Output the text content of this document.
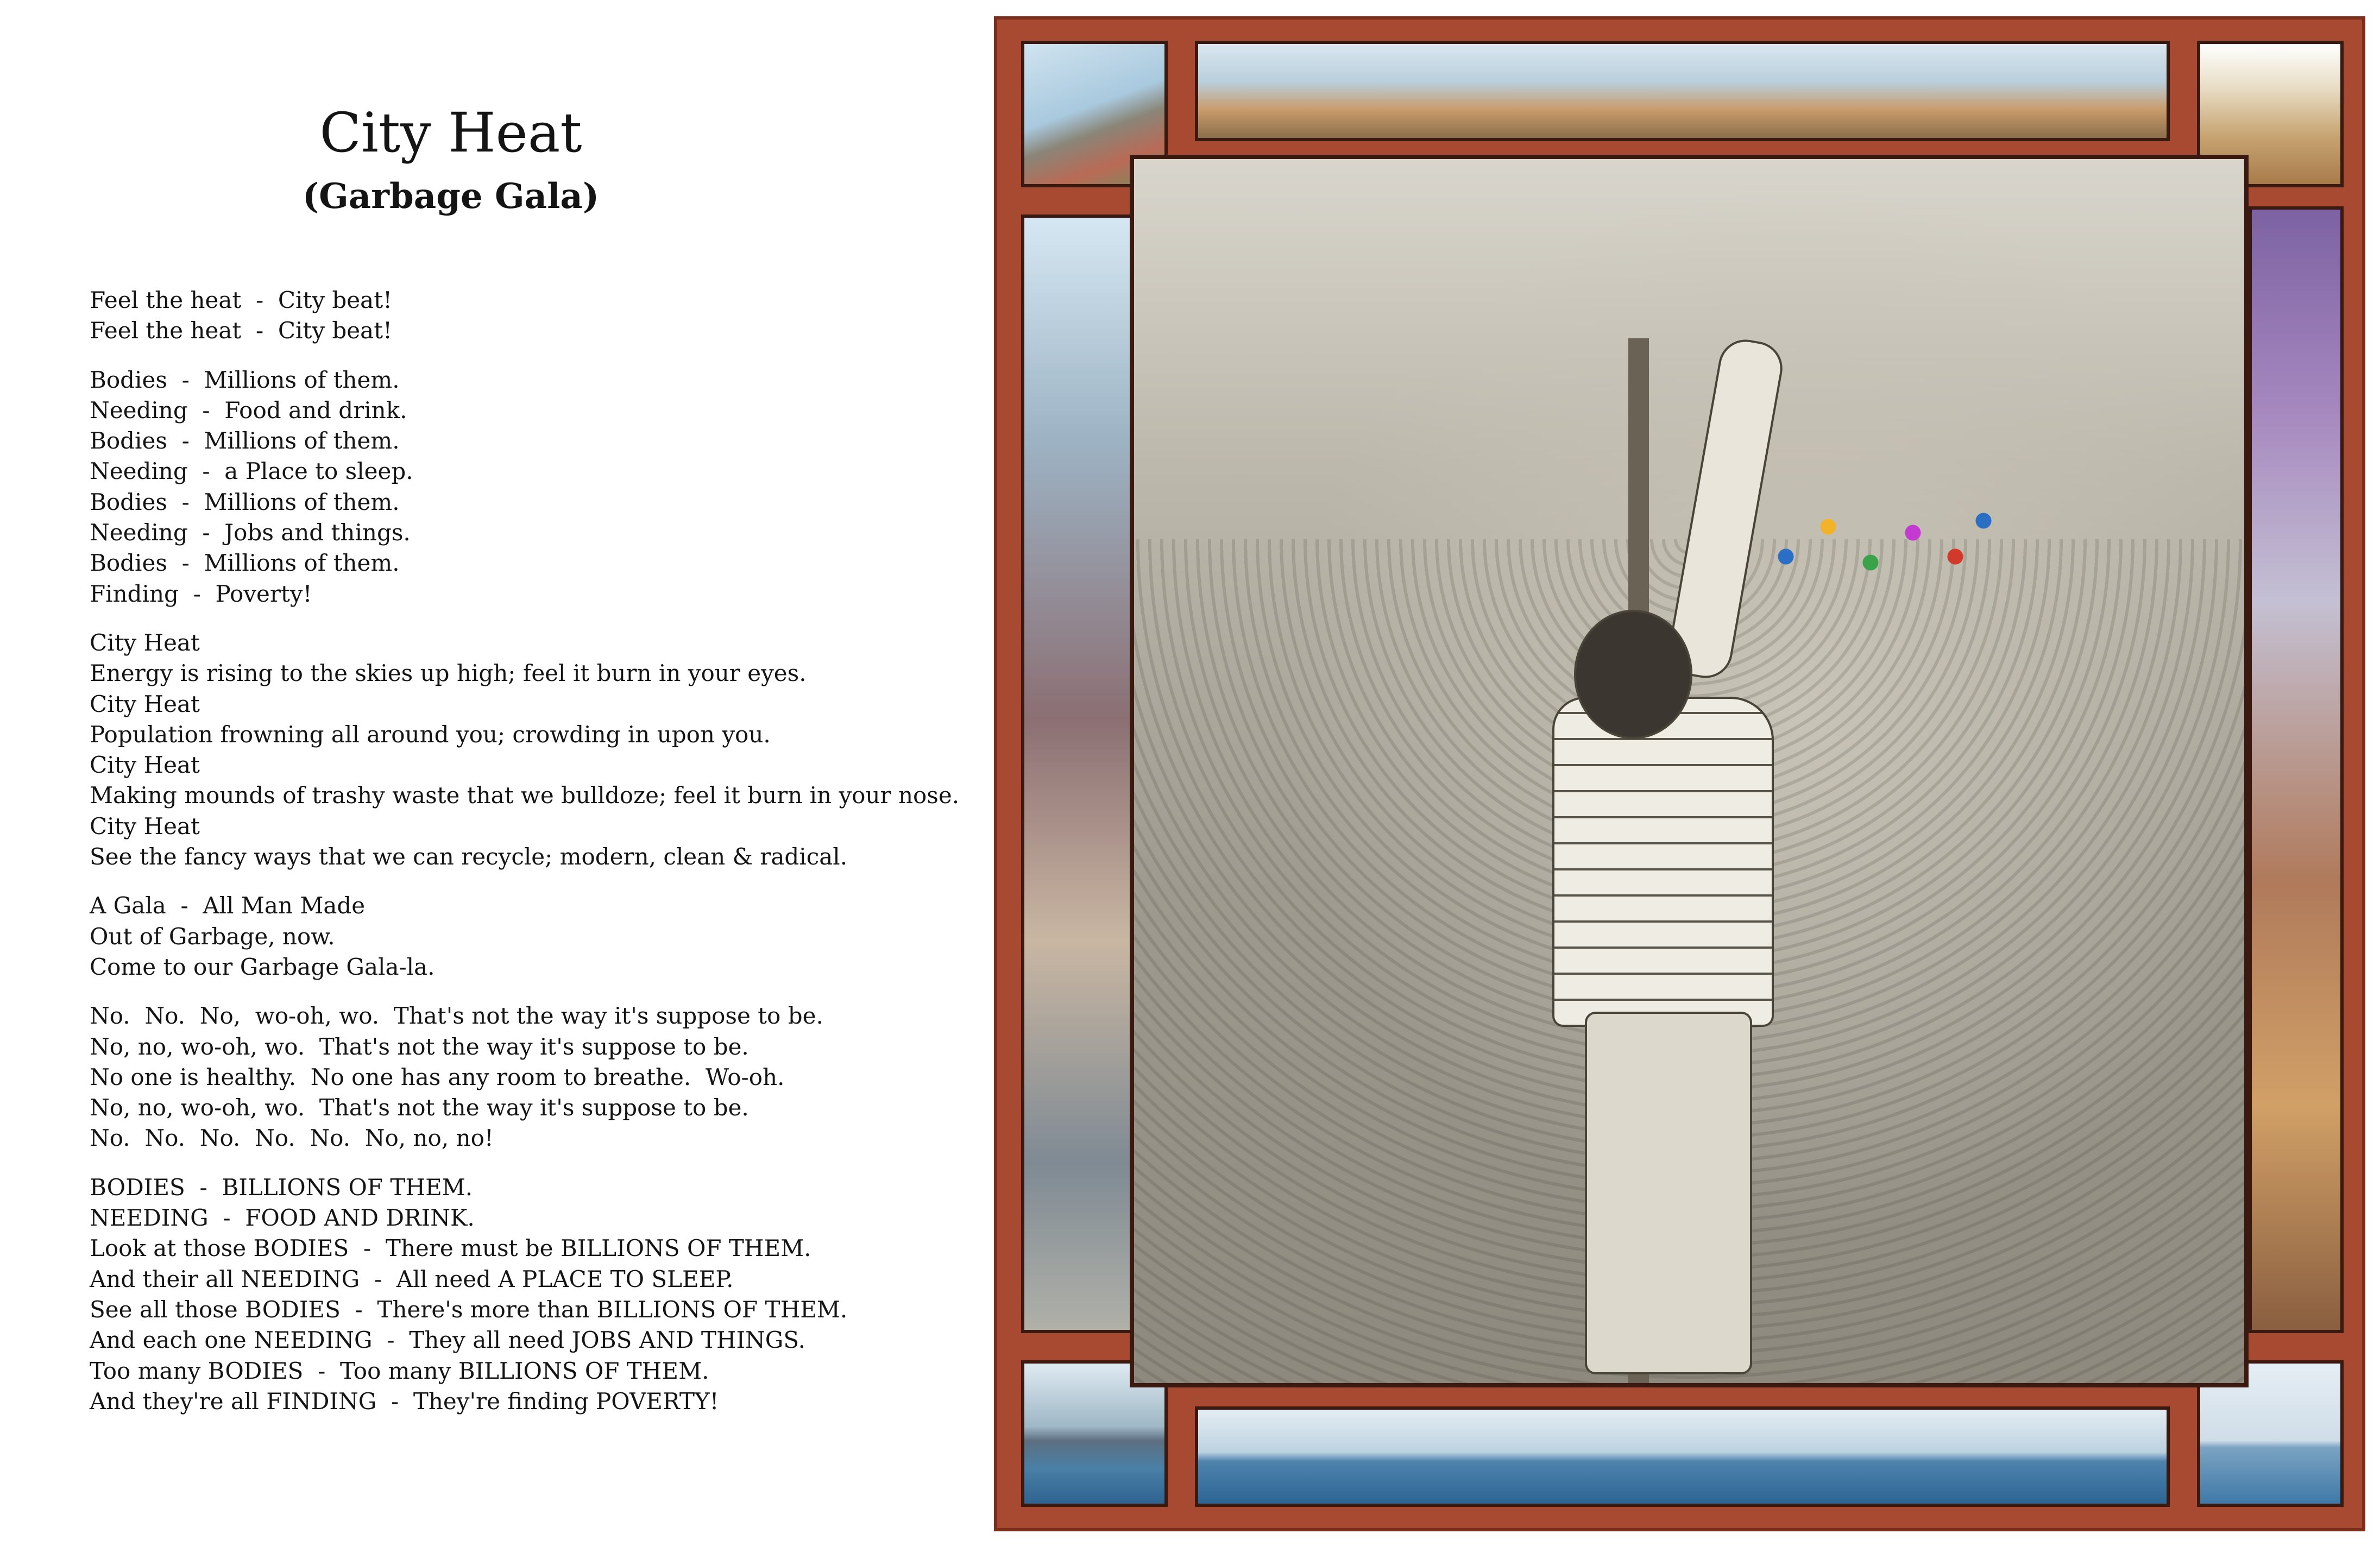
City Heat
(Garbage Gala)
Feel the heat  -  City beat!
Feel the heat  -  City beat!
Bodies  -  Millions of them.
Needing  -  Food and drink.
Bodies  -  Millions of them.
Needing  -  a Place to sleep.
Bodies  -  Millions of them.
Needing  -  Jobs and things.
Bodies  -  Millions of them.
Finding  -  Poverty!
City Heat
Energy is rising to the skies up high; feel it burn in your eyes.
City Heat
Population frowning all around you; crowding in upon you.
City Heat
Making mounds of trashy waste that we bulldoze; feel it burn in your nose.
City Heat
See the fancy ways that we can recycle; modern, clean & radical.
A Gala  -  All Man Made
Out of Garbage, now.
Come to our Garbage Gala-la.
No.  No.  No,  wo-oh, wo.  That's not the way it's suppose to be.
No, no, wo-oh, wo.  That's not the way it's suppose to be.
No one is healthy.  No one has any room to breathe.  Wo-oh.
No, no, wo-oh, wo.  That's not the way it's suppose to be.
No.  No.  No.  No.  No.  No, no, no!
BODIES  -  BILLIONS OF THEM.
NEEDING  -  FOOD AND DRINK.
Look at those BODIES  -  There must be BILLIONS OF THEM.
And their all NEEDING  -  All need A PLACE TO SLEEP.
See all those BODIES  -  There's more than BILLIONS OF THEM.
And each one NEEDING  -  They all need JOBS AND THINGS.
Too many BODIES  -  Too many BILLIONS OF THEM.
And they're all FINDING  -  They're finding POVERTY!
